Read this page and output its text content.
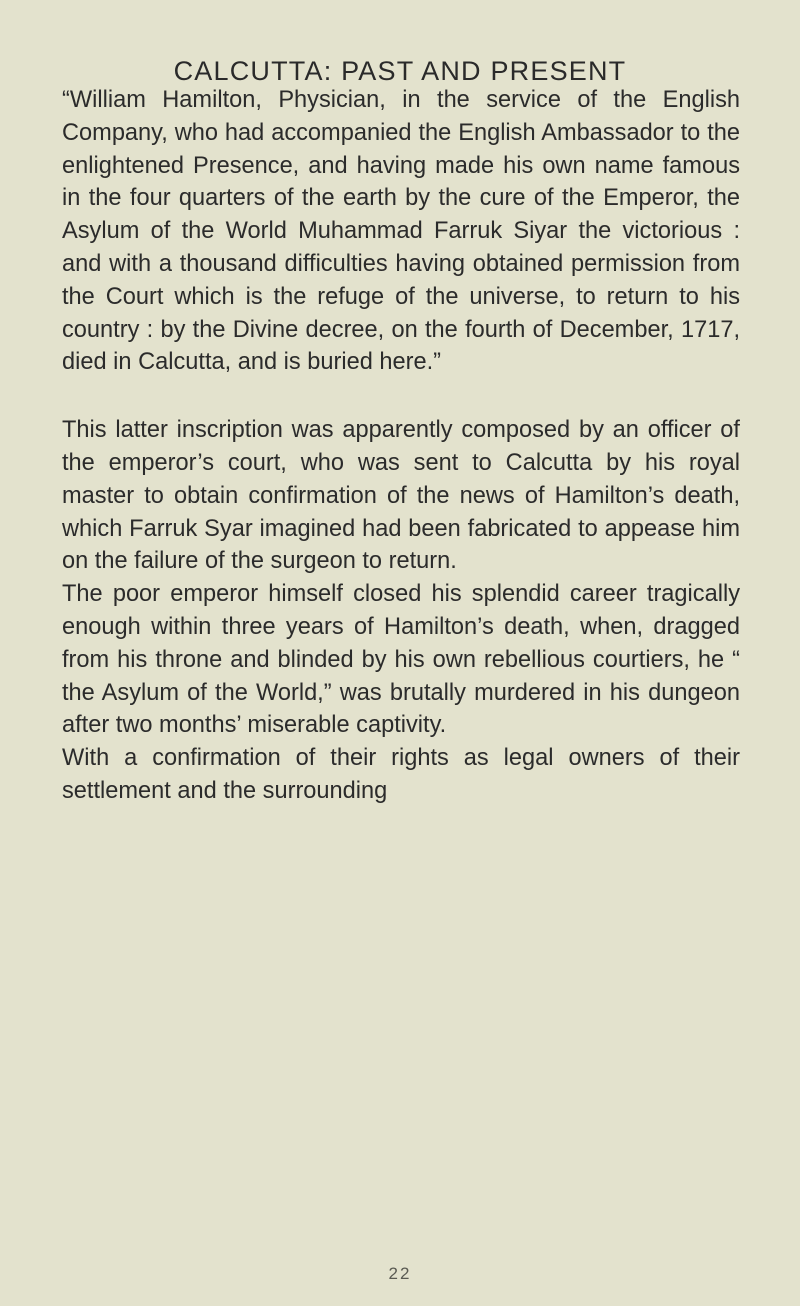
CALCUTTA: PAST AND PRESENT

“William Hamilton, Physician, in the service of the English Company, who had accompanied the English Ambassador to the enlightened Presence, and having made his own name famous in the four quarters of the earth by the cure of the Emperor, the Asylum of the World Muhammad Farruk Siyar the victorious : and with a thousand difficulties having obtained permission from the Court which is the refuge of the universe, to return to his country : by the Divine decree, on the fourth of December, 1717, died in Calcutta, and is buried here.”

This latter inscription was apparently composed by an officer of the emperor’s court, who was sent to Calcutta by his royal master to obtain confirmation of the news of Hamilton’s death, which Farruk Syar imagined had been fabricated to appease him on the failure of the surgeon to return.

The poor emperor himself closed his splendid career tragically enough within three years of Hamilton’s death, when, dragged from his throne and blinded by his own rebellious courtiers, he “ the Asylum of the World,” was brutally murdered in his dungeon after two months’ miserable captivity.

With a confirmation of their rights as legal owners of their settlement and the surrounding

22
